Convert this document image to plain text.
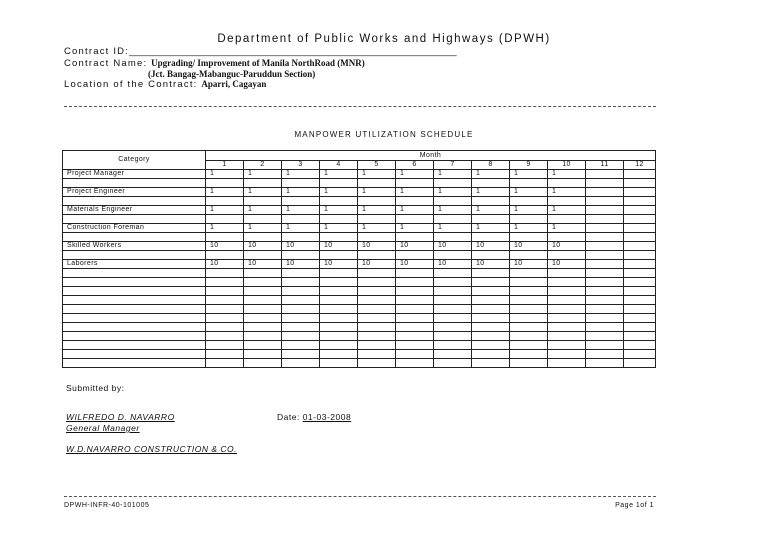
Department of Public Works and Highways (DPWH)
Contract ID:______________________________________________________________
Contract Name: Upgrading/ Improvement of Manila NorthRoad (MNR)
(Jct. Bangag-Mabanguc-Paruddun Section)
Location of the Contract: Aparri, Cagayan
MANPOWER UTILIZATION SCHEDULE
Category	Month											
	1	2	3	4	5	6	7	8	9	10	11	12
Project Manager	1	1	1	1	1	1	1	1	1	1		

Project Engineer	1	1	1	1	1	1	1	1	1	1		

Materials Engineer	1	1	1	1	1	1	1	1	1	1		

Construction Foreman	1	1	1	1	1	1	1	1	1	1		

Skilled Workers	10	10	10	10	10	10	10	10	10	10		

Laborers	10	10	10	10	10	10	10	10	10	10		

Submitted by:
WILFREDO D. NAVARRO
General Manager
Date: 01-03-2008
W.D.NAVARRO CONSTRUCTION & CO.
DPWH-INFR-40-101005	Page 1of 1
